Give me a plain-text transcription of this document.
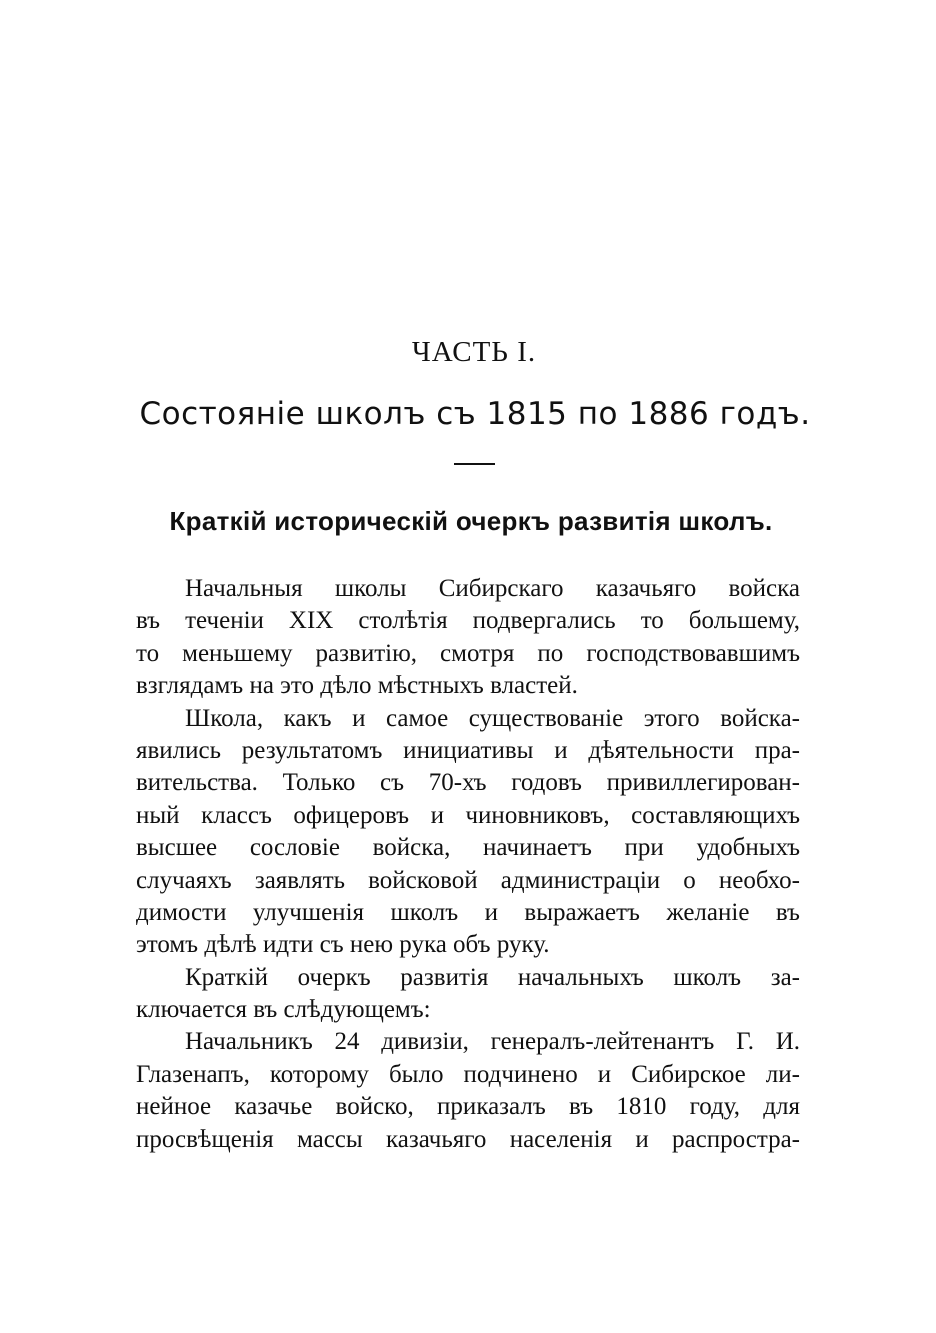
ЧАСТЬ I.
Состояніе школъ съ 1815 по 1886 годъ.
Краткій историческій очеркъ развитія школъ.
Начальныя школы Сибирскаго казачьяго войска
въ теченіи XIX столѣтія подвергались то большему,
то меньшему развитію, смотря по господствовавшимъ
взглядамъ на это дѣло мѣстныхъ властей.
Школа, какъ и самое существованіе этого войска-
явились результатомъ инициативы и дѣятельности пра-
вительства. Только съ 70-хъ годовъ привиллегирован-
ный классъ офицеровъ и чиновниковъ, составляющихъ
высшее сословіе войска, начинаетъ при удобныхъ
случаяхъ заявлять войсковой администраціи о необхо-
димости улучшенія школъ и выражаетъ желаніе въ
этомъ дѣлѣ идти съ нею рука объ руку.
Краткій очеркъ развитія начальныхъ школъ за-
ключается въ слѣдующемъ:
Начальникъ 24 дивизіи, генералъ-лейтенантъ Г. И.
Глазенапъ, которому было подчинено и Сибирское ли-
нейное казачье войско, приказалъ въ 1810 году, для
просвѣщенія массы казачьяго населенія и распростра-
